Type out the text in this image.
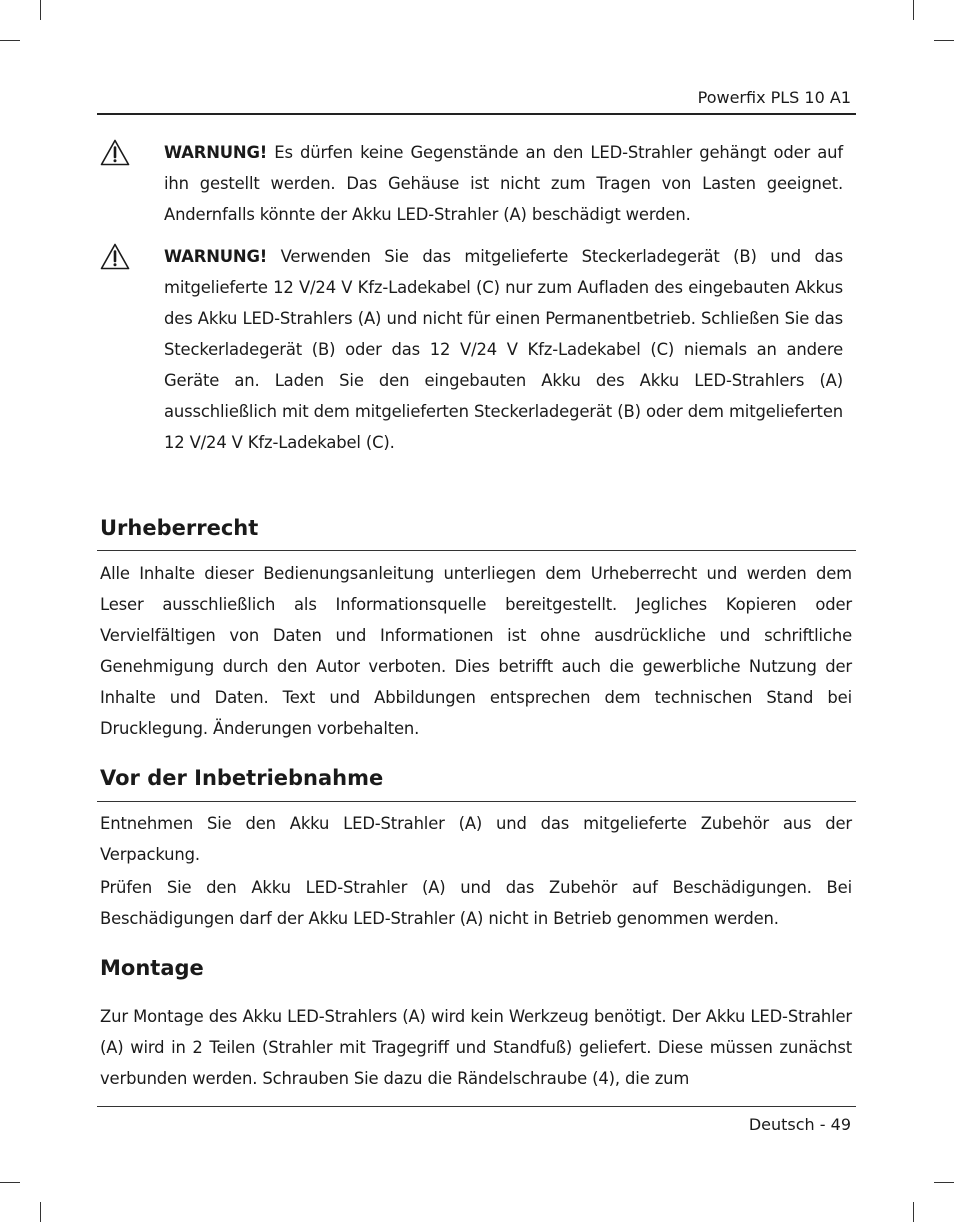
Powerfix PLS 10 A1

WARNUNG! Es dürfen keine Gegenstände an den LED-Strahler gehängt oder auf ihn gestellt werden. Das Gehäuse ist nicht zum Tragen von Lasten geeignet. Andernfalls könnte der Akku LED-Strahler (A) beschädigt werden.

WARNUNG! Verwenden Sie das mitgelieferte Steckerladegerät (B) und das mitgelieferte 12 V/24 V Kfz-Ladekabel (C) nur zum Aufladen des eingebauten Akkus des Akku LED-Strahlers (A) und nicht für einen Permanentbetrieb. Schließen Sie das Steckerladegerät (B) oder das 12 V/24 V Kfz-Ladekabel (C) niemals an andere Geräte an. Laden Sie den eingebauten Akku des Akku LED-Strahlers (A) ausschließlich mit dem mitgelieferten Steckerladegerät (B) oder dem mitgelieferten 12 V/24 V Kfz-Ladekabel (C).

Urheberrecht

Alle Inhalte dieser Bedienungsanleitung unterliegen dem Urheberrecht und werden dem Leser ausschließlich als Informationsquelle bereitgestellt. Jegliches Kopieren oder Vervielfältigen von Daten und Informationen ist ohne ausdrückliche und schriftliche Genehmigung durch den Autor verboten. Dies betrifft auch die gewerbliche Nutzung der Inhalte und Daten. Text und Abbildungen entsprechen dem technischen Stand bei Drucklegung. Änderungen vorbehalten.

Vor der Inbetriebnahme

Entnehmen Sie den Akku LED-Strahler (A) und das mitgelieferte Zubehör aus der Verpackung.

Prüfen Sie den Akku LED-Strahler (A) und das Zubehör auf Beschädigungen. Bei Beschädigungen darf der Akku LED-Strahler (A) nicht in Betrieb genommen werden.

Montage

Zur Montage des Akku LED-Strahlers (A) wird kein Werkzeug benötigt. Der Akku LED-Strahler (A) wird in 2 Teilen (Strahler mit Tragegriff und Standfuß) geliefert. Diese müssen zunächst verbunden werden. Schrauben Sie dazu die Rändelschraube (4), die zum

Deutsch - 49
